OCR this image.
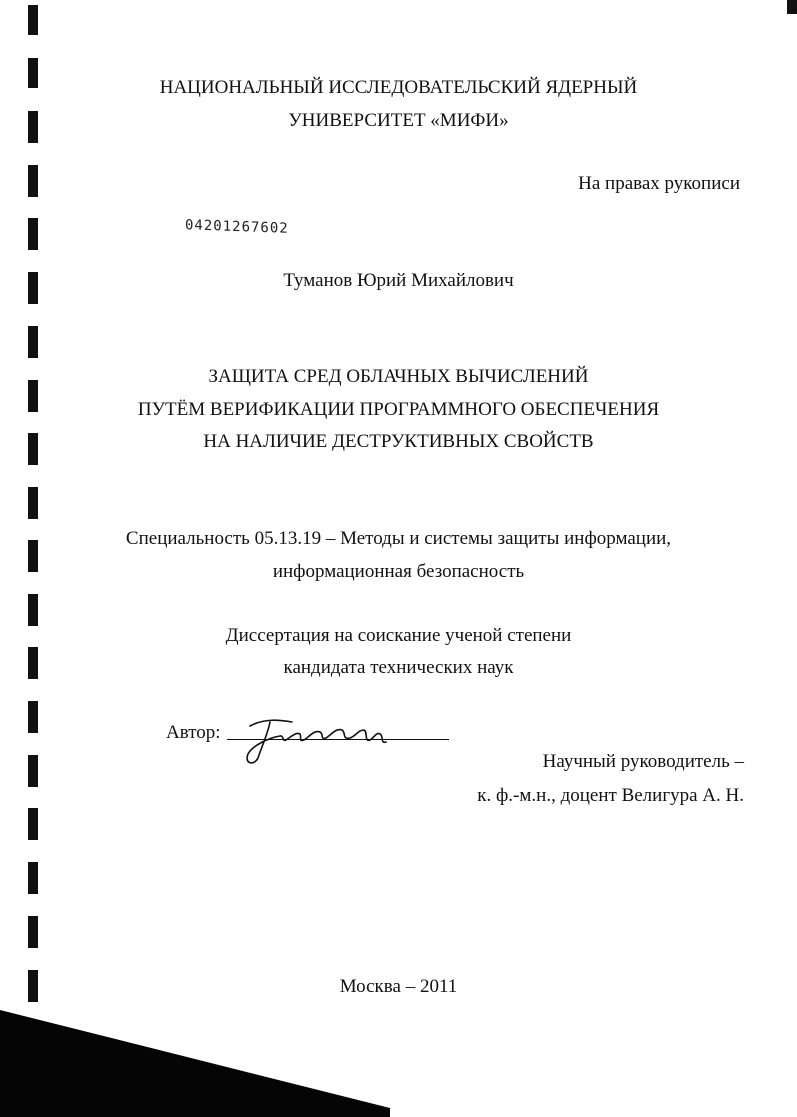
НАЦИОНАЛЬНЫЙ ИССЛЕДОВАТЕЛЬСКИЙ ЯДЕРНЫЙ
УНИВЕРСИТЕТ «МИФИ»
На правах рукописи
04201267602
Туманов Юрий Михайлович
ЗАЩИТА СРЕД ОБЛАЧНЫХ ВЫЧИСЛЕНИЙ
ПУТЁМ ВЕРИФИКАЦИИ ПРОГРАММНОГО ОБЕСПЕЧЕНИЯ
НА НАЛИЧИЕ ДЕСТРУКТИВНЫХ СВОЙСТВ
Специальность 05.13.19 – Методы и системы защиты информации,
информационная безопасность
Диссертация на соискание ученой степени
кандидата технических наук
Автор:
Научный руководитель –
к. ф.-м.н., доцент Велигура А. Н.
Москва – 2011
